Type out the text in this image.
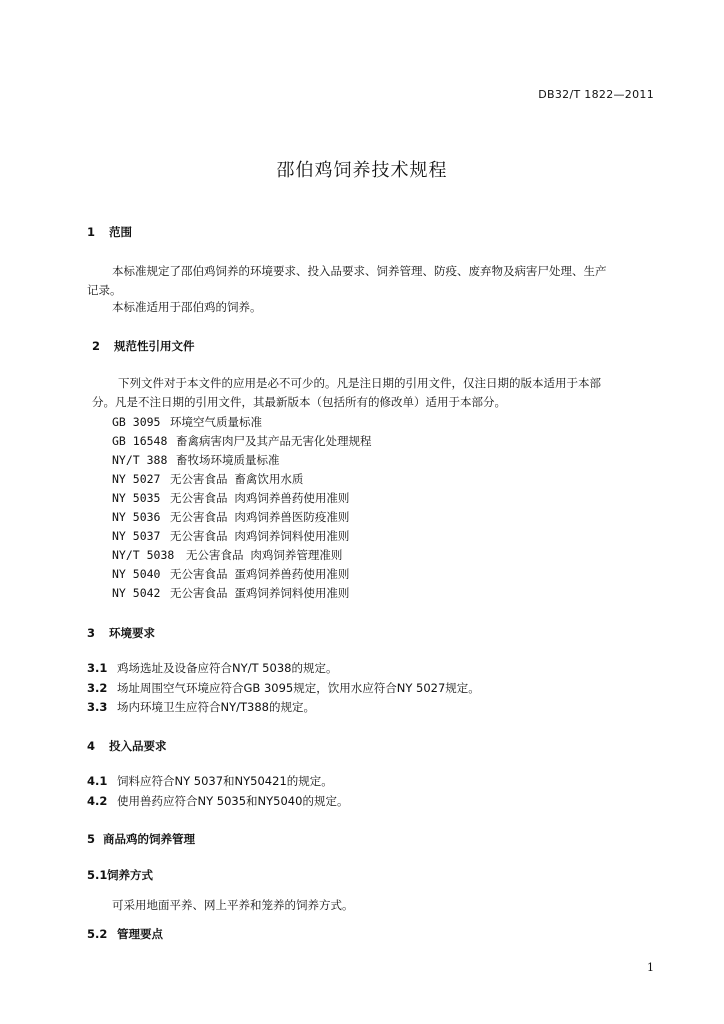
DB32/T 1822—2011
邵伯鸡饲养技术规程
1 范围
本标准规定了邵伯鸡饲养的环境要求、投入品要求、饲养管理、防疫、废弃物及病害尸处理、生产
记录。
本标准适用于邵伯鸡的饲养。
2 规范性引用文件
下列文件对于本文件的应用是必不可少的。凡是注日期的引用文件，仅注日期的版本适用于本部
分。凡是不注日期的引用文件，其最新版本（包括所有的修改单）适用于本部分。
GB 3095 环境空气质量标准
GB 16548 畜禽病害肉尸及其产品无害化处理规程
NY/T 388 畜牧场环境质量标准
NY 5027 无公害食品 畜禽饮用水质
NY 5035 无公害食品 肉鸡饲养兽药使用准则
NY 5036 无公害食品 肉鸡饲养兽医防疫准则
NY 5037 无公害食品 肉鸡饲养饲料使用准则
NY/T 5038 无公害食品 肉鸡饲养管理准则
NY 5040 无公害食品 蛋鸡饲养兽药使用准则
NY 5042 无公害食品 蛋鸡饲养饲料使用准则
3 环境要求
3.1 鸡场选址及设备应符合NY/T 5038的规定。
3.2 场址周围空气环境应符合GB 3095规定，饮用水应符合NY 5027规定。
3.3 场内环境卫生应符合NY/T388的规定。
4 投入品要求
4.1 饲料应符合NY 5037和NY50421的规定。
4.2 使用兽药应符合NY 5035和NY5040的规定。
5 商品鸡的饲养管理
5.1饲养方式
可采用地面平养、网上平养和笼养的饲养方式。
5.2 管理要点
1
